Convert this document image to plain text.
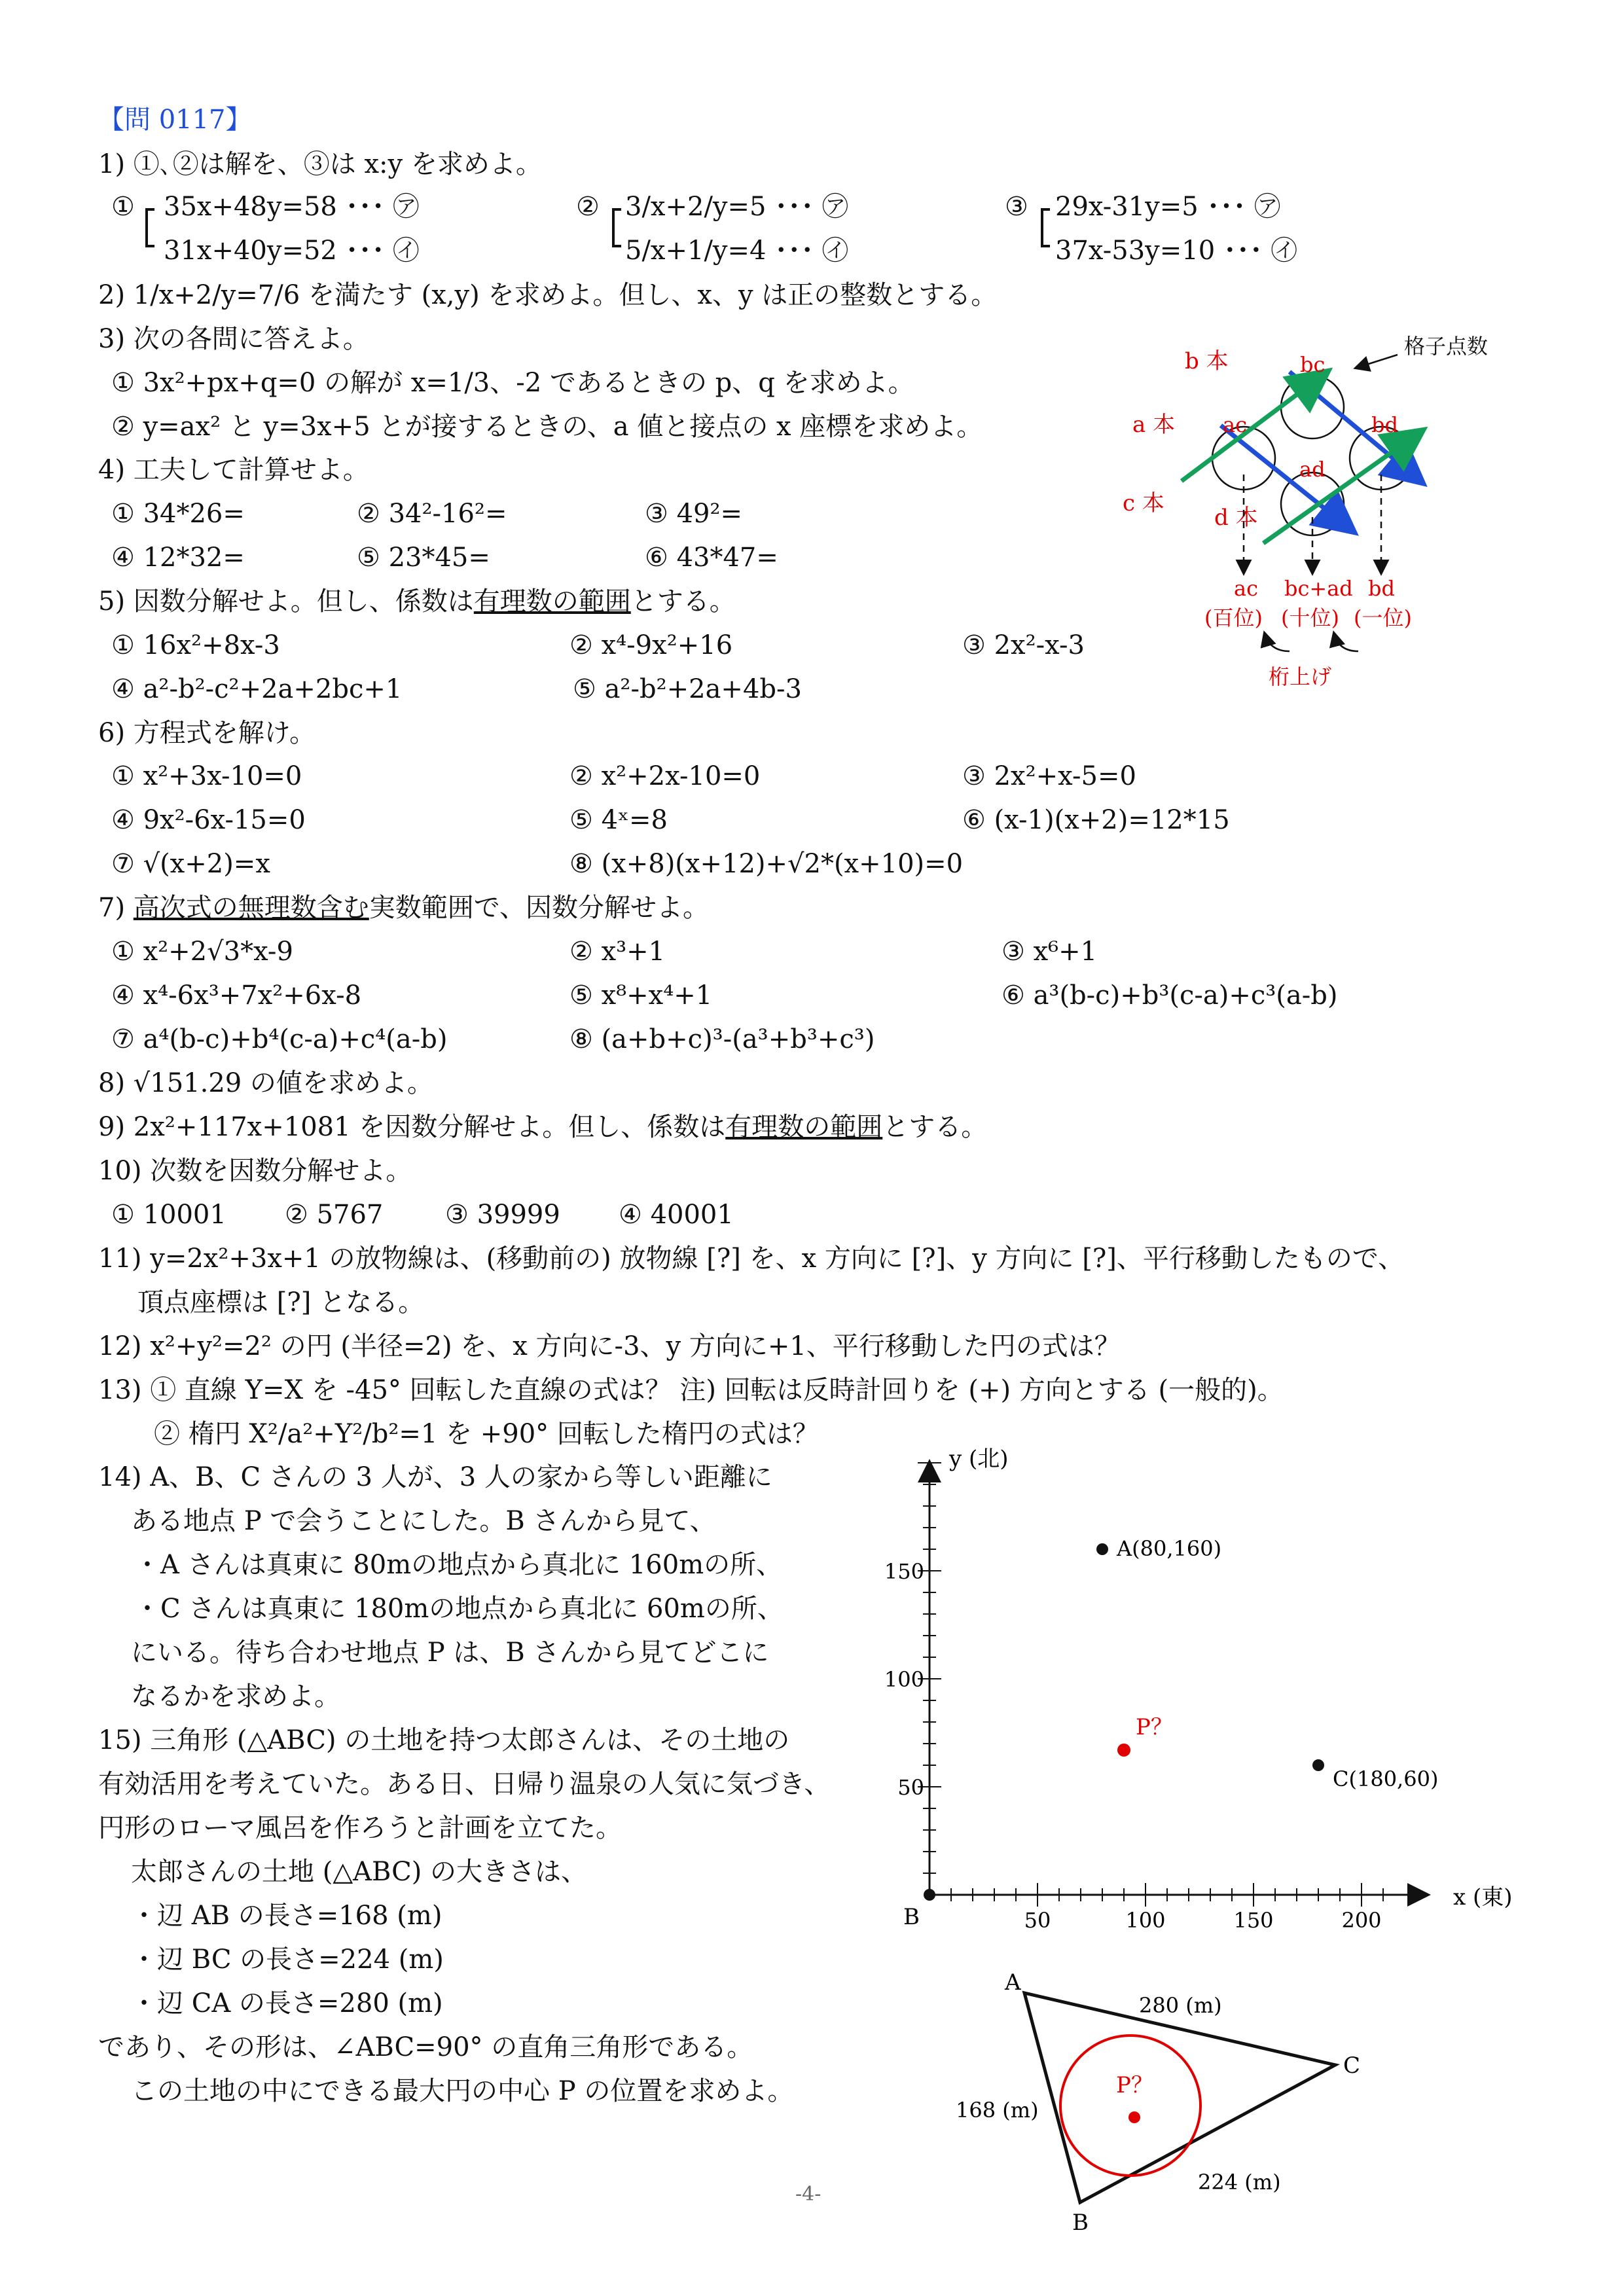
【問 0117】
1) ①､②は解を、③は x:y を求めよ。
① 35x+48y=58 ･･･ ㋐
31x+40y=52 ･･･ ㋑
② 3/x+2/y=5 ･･･ ㋐
5/x+1/y=4 ･･･ ㋑
③ 29x-31y=5 ･･･ ㋐
37x-53y=10 ･･･ ㋑
2) 1/x+2/y=7/6 を満たす (x,y) を求めよ。但し、x、y は正の整数とする。
3) 次の各問に答えよ。
① 3x²+px+q=0 の解が x=1/3、-2 であるときの p、q を求めよ。
② y=ax² と y=3x+5 とが接するときの、a 値と接点の x 座標を求めよ。
4) 工夫して計算せよ。
① 34*26=	② 34²-16²=	③ 49²=
④ 12*32=	⑤ 23*45=	⑥ 43*47=
5) 因数分解せよ。但し、係数は有理数の範囲とする。
① 16x²+8x-3	② x⁴-9x²+16	③ 2x²-x-3
④ a²-b²-c²+2a+2bc+1	⑤ a²-b²+2a+4b-3
6) 方程式を解け。
① x²+3x-10=0	② x²+2x-10=0	③ 2x²+x-5=0
④ 9x²-6x-15=0	⑤ 4ˣ=8	⑥ (x-1)(x+2)=12*15
⑦ √(x+2)=x	⑧ (x+8)(x+12)+√2*(x+10)=0
7) 高次式の無理数含む実数範囲で、因数分解せよ。
① x²+2√3*x-9	② x³+1	③ x⁶+1
④ x⁴-6x³+7x²+6x-8	⑤ x⁸+x⁴+1	⑥ a³(b-c)+b³(c-a)+c³(a-b)
⑦ a⁴(b-c)+b⁴(c-a)+c⁴(a-b)	⑧ (a+b+c)³-(a³+b³+c³)
8) √151.29 の値を求めよ。
9) 2x²+117x+1081 を因数分解せよ。但し、係数は有理数の範囲とする。
10) 次数を因数分解せよ。
① 10001 ② 5767 ③ 39999 ④ 40001
11) y=2x²+3x+1 の放物線は、(移動前の) 放物線 [?] を、x 方向に [?]、y 方向に [?]、平行移動したもので、
頂点座標は [?] となる。
12) x²+y²=2² の円 (半径=2) を、x 方向に-3、y 方向に+1、平行移動した円の式は？
13) ① 直線 Y=X を -45° 回転した直線の式は？ 注) 回転は反時計回りを (+) 方向とする (一般的)。
② 楕円 X²/a²+Y²/b²=1 を +90° 回転した楕円の式は？
14) A、B、C さんの 3 人が、3 人の家から等しい距離に
ある地点 P で会うことにした。B さんから見て、
・A さんは真東に 80mの地点から真北に 160mの所、
・C さんは真東に 180mの地点から真北に 60mの所、
にいる。待ち合わせ地点 P は、B さんから見てどこに
なるかを求めよ。
15) 三角形 (△ABC) の土地を持つ太郎さんは、その土地の
有効活用を考えていた。ある日、日帰り温泉の人気に気づき、
円形のローマ風呂を作ろうと計画を立てた。
太郎さんの土地 (△ABC) の大きさは、
・辺 AB の長さ=168 (m)
・辺 BC の長さ=224 (m)
・辺 CA の長さ=280 (m)
であり、その形は、∠ABC=90° の直角三角形である。
この土地の中にできる最大円の中心 P の位置を求めよ。
b 本
a 本
c 本
d 本
bc
ac	bd
ad
格子点数
ac bc+ad bd
(百位) (十位) (一位)
桁上げ
y (北)
x (東)
B	50	100	150	200
50
100
150
A(80,160)
C(180,60)
P？
A
B
C
280 (m)
168 (m)
224 (m)
P？
-4-
